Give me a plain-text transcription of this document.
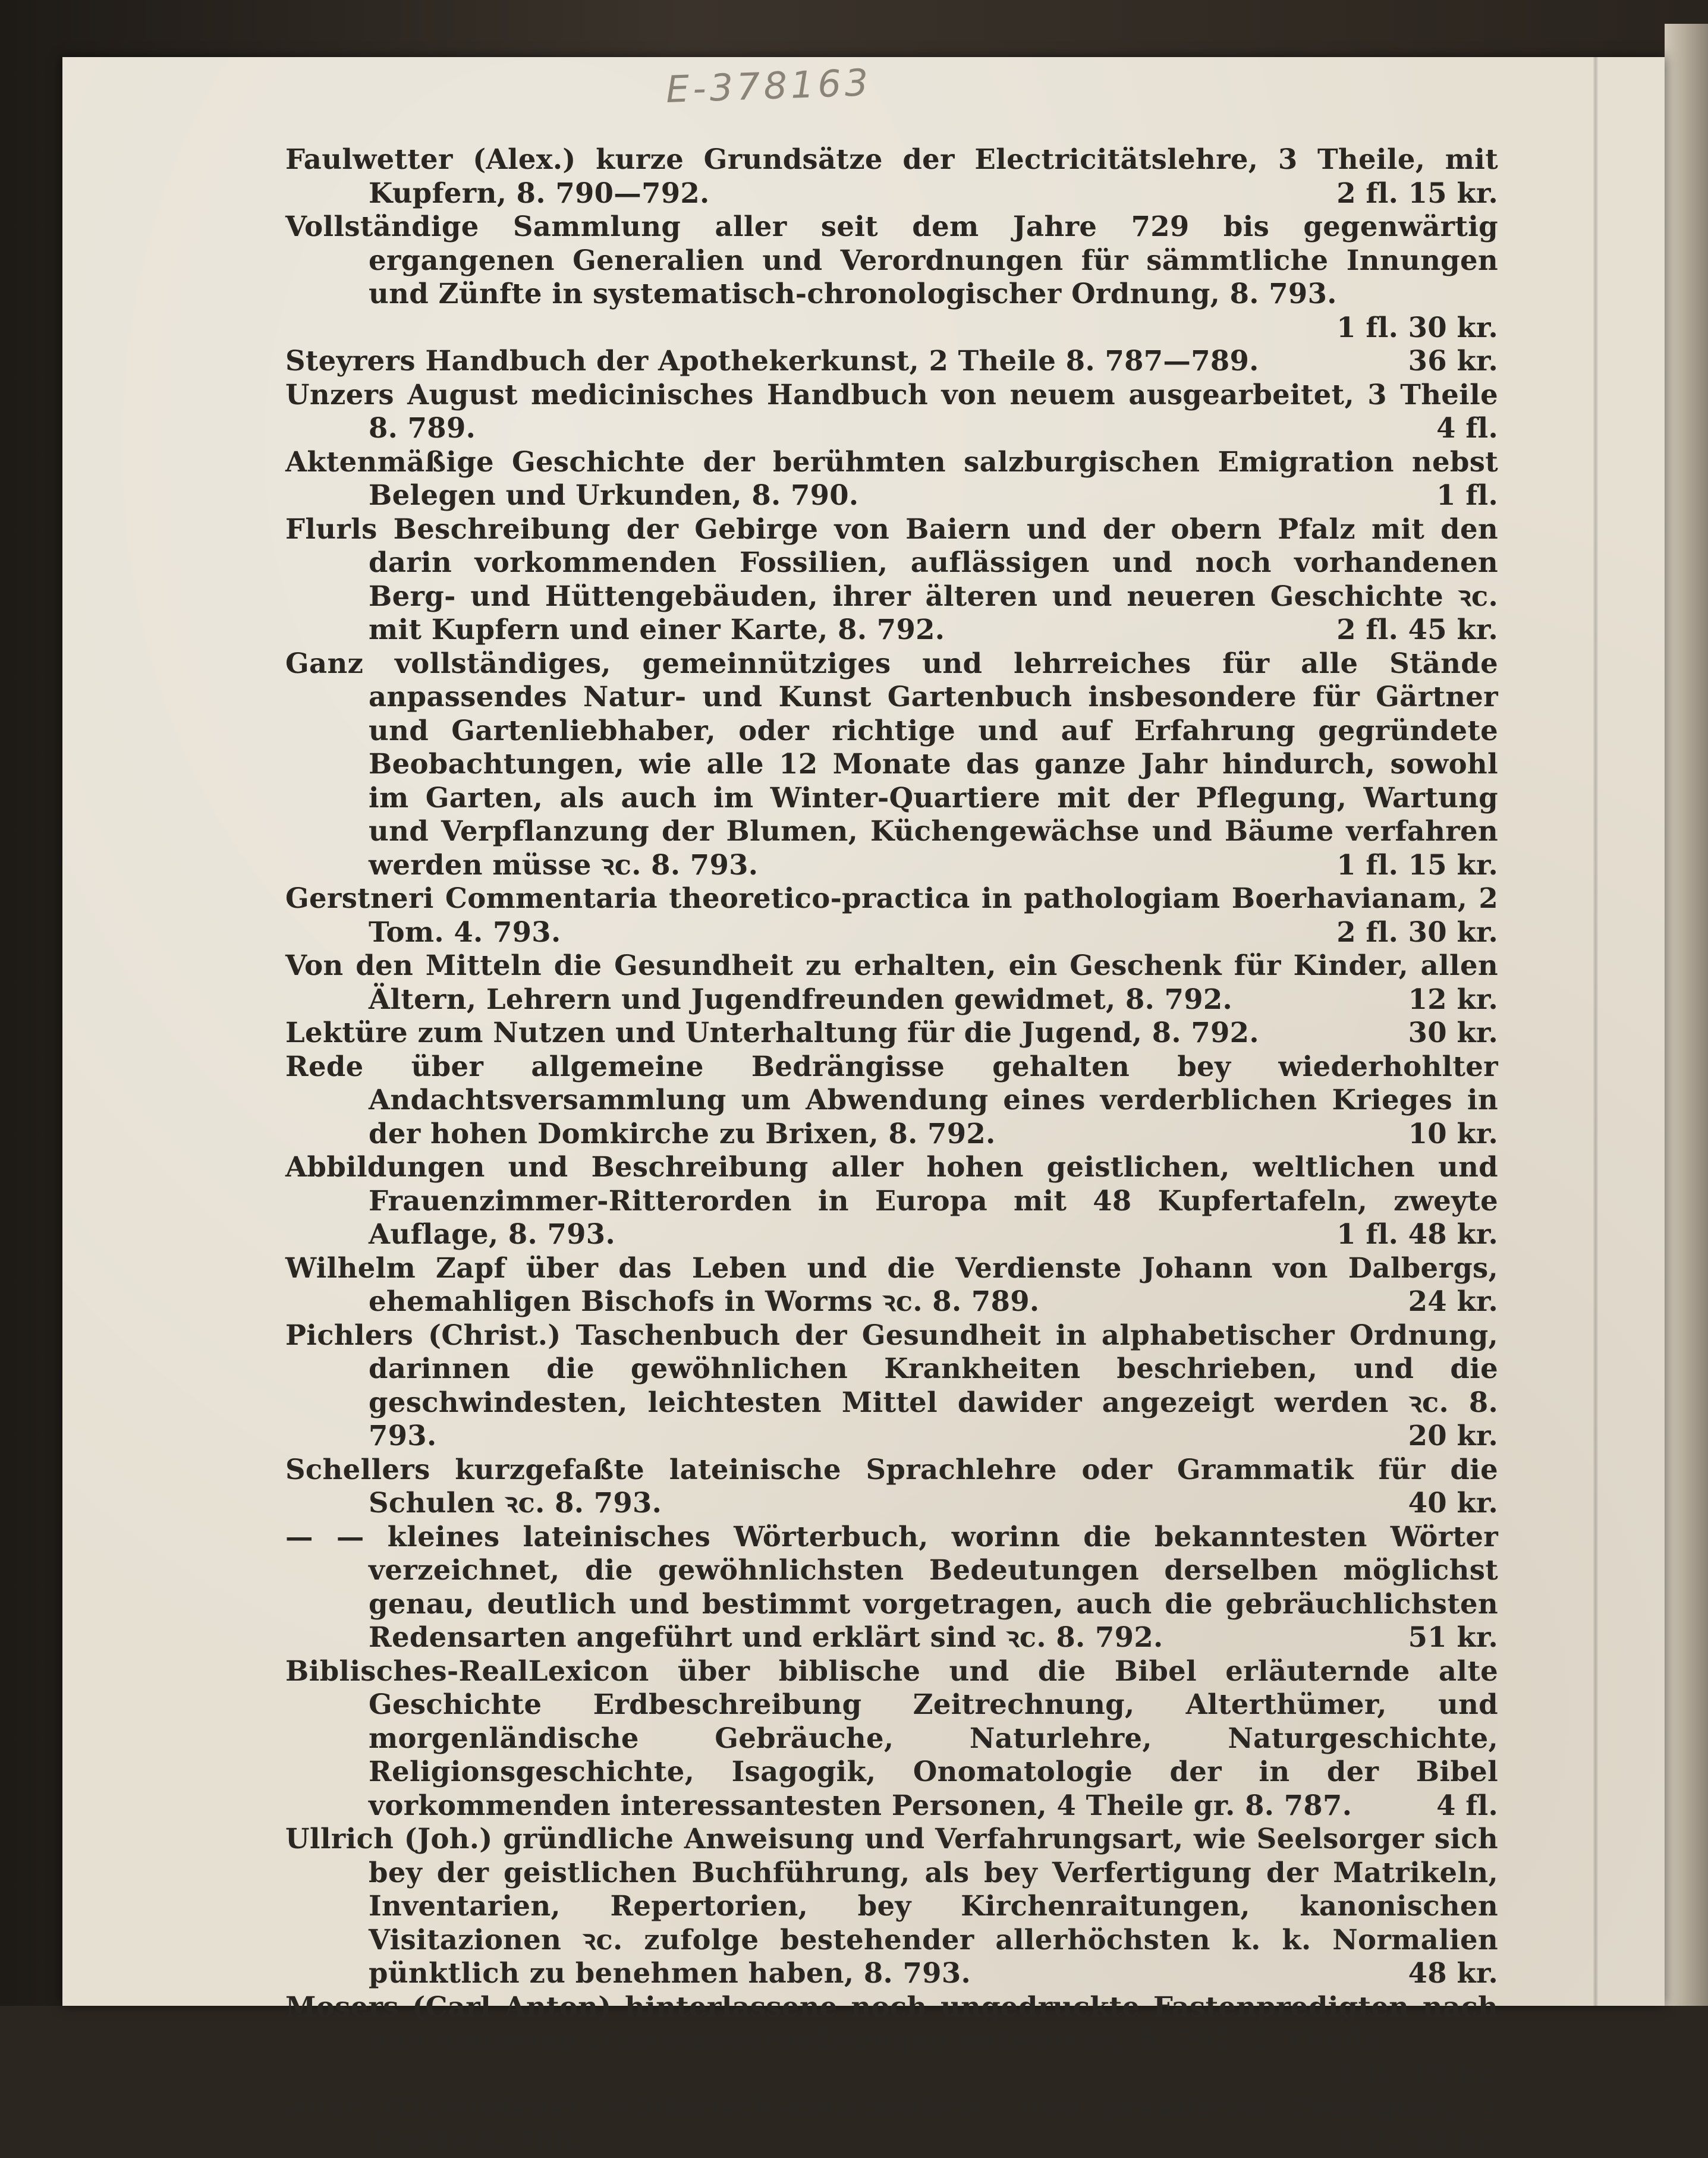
E-378163
Faulwetter (Alex.) kurze Grundsätze der Electricitätslehre, 3 Theile, mit Kupfern, 8. 790—792.	2 fl. 15 kr.
Vollständige Sammlung aller seit dem Jahre 729 bis gegenwärtig ergangenen Generalien und Verordnungen für sämmtliche Innungen und Zünfte in systematisch-chronologischer Ordnung, 8. 793.
1 fl. 30 kr.
Steyrers Handbuch der Apothekerkunst, 2 Theile 8. 787—789.	36 kr.
Unzers August medicinisches Handbuch von neuem ausgearbeitet, 3 Theile 8. 789.	4 fl.
Aktenmäßige Geschichte der berühmten salzburgischen Emigration nebst Belegen und Urkunden, 8. 790.	1 fl.
Flurls Beschreibung der Gebirge von Baiern und der obern Pfalz mit den darin vorkommenden Fossilien, auflässigen und noch vorhandenen Berg- und Hüttengebäuden, ihrer älteren und neueren Geschichte ꝛc. mit Kupfern und einer Karte, 8. 792.	2 fl. 45 kr.
Ganz vollständiges, gemeinnütziges und lehrreiches für alle Stände anpassendes Natur- und Kunst Gartenbuch insbesondere für Gärtner und Gartenliebhaber, oder richtige und auf Erfahrung gegründete Beobachtungen, wie alle 12 Monate das ganze Jahr hindurch, sowohl im Garten, als auch im Winter-Quartiere mit der Pflegung, Wartung und Verpflanzung der Blumen, Küchengewächse und Bäume verfahren werden müsse ꝛc. 8. 793.	1 fl. 15 kr.
Gerstneri Commentaria theoretico-practica in pathologiam Boerhavianam, 2 Tom. 4. 793.	2 fl. 30 kr.
Von den Mitteln die Gesundheit zu erhalten, ein Geschenk für Kinder, allen Ältern, Lehrern und Jugendfreunden gewidmet, 8. 792.	12 kr.
Lektüre zum Nutzen und Unterhaltung für die Jugend, 8. 792.	30 kr.
Rede über allgemeine Bedrängisse gehalten bey wiederhohlter Andachtsversammlung um Abwendung eines verderblichen Krieges in der hohen Domkirche zu Brixen, 8. 792.	10 kr.
Abbildungen und Beschreibung aller hohen geistlichen, weltlichen und Frauenzimmer-Ritterorden in Europa mit 48 Kupfertafeln, zweyte Auflage, 8. 793.	1 fl. 48 kr.
Wilhelm Zapf über das Leben und die Verdienste Johann von Dalbergs, ehemahligen Bischofs in Worms ꝛc. 8. 789.	24 kr.
Pichlers (Christ.) Taschenbuch der Gesundheit in alphabetischer Ordnung, darinnen die gewöhnlichen Krankheiten beschrieben, und die geschwindesten, leichtesten Mittel dawider angezeigt werden ꝛc. 8. 793.	20 kr.
Schellers kurzgefaßte lateinische Sprachlehre oder Grammatik für die Schulen ꝛc. 8. 793.	40 kr.
— — kleines lateinisches Wörterbuch, worinn die bekanntesten Wörter verzeichnet, die gewöhnlichsten Bedeutungen derselben möglichst genau, deutlich und bestimmt vorgetragen, auch die gebräuchlichsten Redensarten angeführt und erklärt sind ꝛc. 8. 792.	51 kr.
Biblisches-RealLexicon über biblische und die Bibel erläuternde alte Geschichte Erdbeschreibung Zeitrechnung, Alterthümer, und morgenländische Gebräuche, Naturlehre, Naturgeschichte, Religionsgeschichte, Isagogik, Onomatologie der in der Bibel vorkommenden interessantesten Personen, 4 Theile gr. 8. 787.	4 fl.
Ullrich (Joh.) gründliche Anweisung und Verfahrungsart, wie Seelsorger sich bey der geistlichen Buchführung, als bey Verfertigung der Matrikeln, Inventarien, Repertorien, bey Kirchenraitungen, kanonischen Visitazionen ꝛc. zufolge bestehender allerhöchsten k. k. Normalien pünktlich zu benehmen haben, 8. 793.	48 kr.
Mosers (Carl Anton) hinterlassene noch ungedruckte Fastenpredigten nach den neuesten Diözesanverordnungen entworfen, 8. 792. 2 Theile.
1 fl. 45 kr.
Auer (Dominikus) Militärisch-katechetisch- und praktische Predigten, 3 Theile 8. 788.	1 fl. 30 kr.
